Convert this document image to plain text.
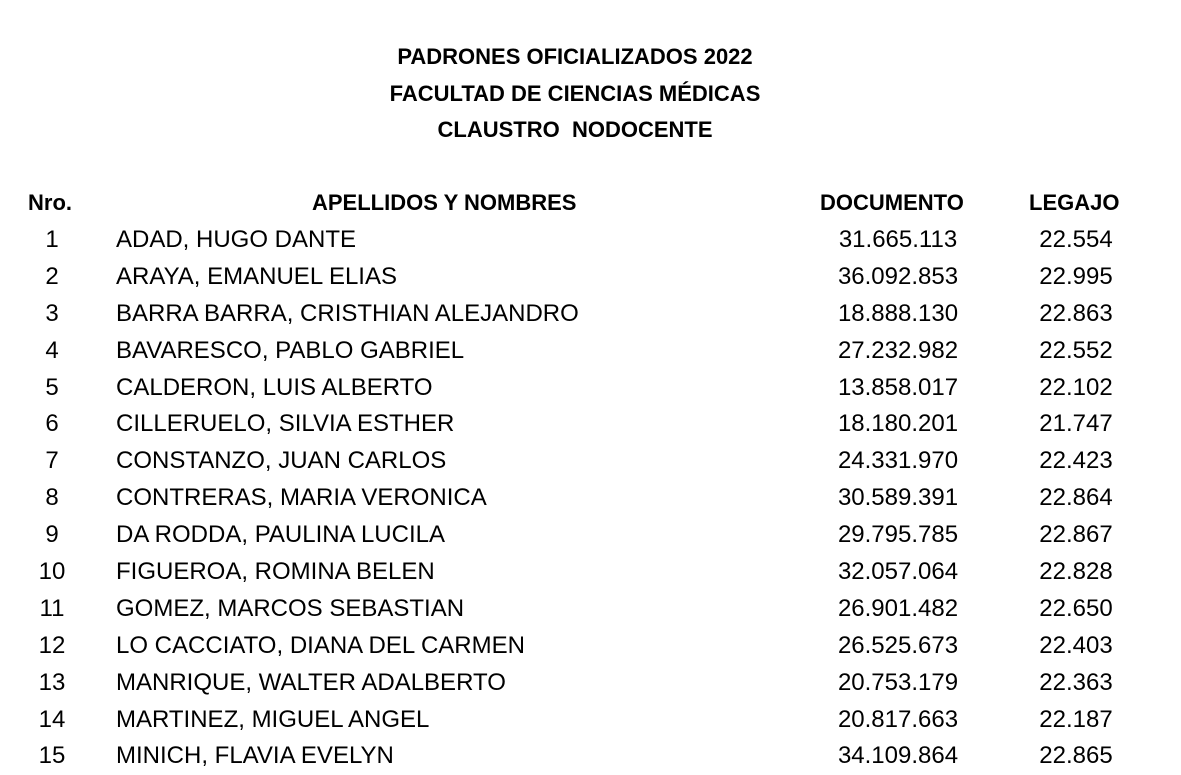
PADRONES OFICIALIZADOS 2022
FACULTAD DE CIENCIAS MÉDICAS
CLAUSTRO  NODOCENTE
Nro.	APELLIDOS Y NOMBRES	DOCUMENTO	LEGAJO
1	ADAD, HUGO DANTE	31.665.113	22.554
2	ARAYA, EMANUEL ELIAS	36.092.853	22.995
3	BARRA BARRA, CRISTHIAN ALEJANDRO	18.888.130	22.863
4	BAVARESCO, PABLO GABRIEL	27.232.982	22.552
5	CALDERON, LUIS ALBERTO	13.858.017	22.102
6	CILLERUELO, SILVIA ESTHER	18.180.201	21.747
7	CONSTANZO, JUAN CARLOS	24.331.970	22.423
8	CONTRERAS, MARIA VERONICA	30.589.391	22.864
9	DA RODDA, PAULINA LUCILA	29.795.785	22.867
10	FIGUEROA, ROMINA BELEN	32.057.064	22.828
11	GOMEZ, MARCOS SEBASTIAN	26.901.482	22.650
12	LO CACCIATO, DIANA DEL CARMEN	26.525.673	22.403
13	MANRIQUE, WALTER ADALBERTO	20.753.179	22.363
14	MARTINEZ, MIGUEL ANGEL	20.817.663	22.187
15	MINICH, FLAVIA EVELYN	34.109.864	22.865
